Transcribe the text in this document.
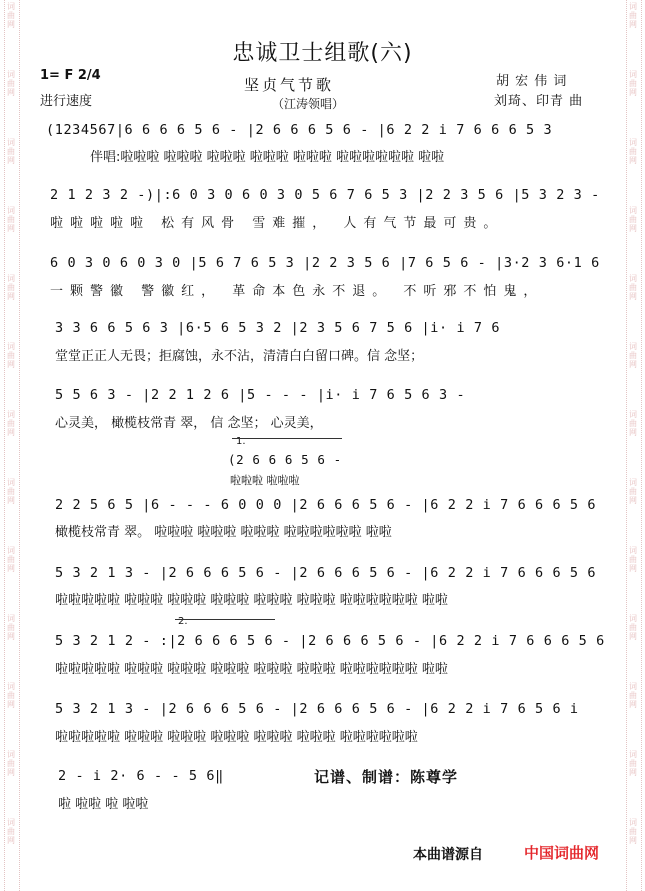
词曲网
词曲网
词曲网
词曲网
词曲网
词曲网
词曲网
词曲网
词曲网
词曲网
词曲网
词曲网
词曲网
词曲网
词曲网
词曲网
词曲网
词曲网
词曲网
词曲网
词曲网
词曲网
词曲网
词曲网
词曲网
词曲网
忠诚卫士组歌(六)
坚贞气节歌
（江涛领唱）
1= F 2/4
进行速度
胡 宏 伟 词
刘琦、印青 曲
(1234567|6 6 6 6 5 6 - |2 6 6 6 5 6 - |6 2 2 i 7 6 6 6 5 3
伴唱:啦啦啦 啦啦啦 啦啦啦 啦啦啦 啦啦啦 啦啦啦啦啦啦 啦啦
2 1 2 3 2 -)|:6 0 3 0 6 0 3 0 5 6 7 6 5 3 |2 2 3 5 6 |5 3 2 3 -
啦啦啦啦啦 松有风骨 雪难摧， 人有气节最可贵。
6 0 3 0 6 0 3 0 |5 6 7 6 5 3 |2 2 3 5 6 |7 6 5 6 - |3·2 3 6·1 6
一颗警徽 警徽红， 革命本色永不退。 不听邪不怕鬼，
3 3 6 6 5 6 3 |6·5 6 5 3 2 |2 3 5 6 7 5 6 |i· i 7 6
堂堂正正人无畏；拒腐蚀，永不沾，清清白白留口碑。信 念坚；
5 5 6 3 - |2 2 1 2 6 |5 - - - |i· i 7 6 5 6 3 -
心灵美， 橄榄枝常青 翠， 信 念坚； 心灵美，
1.
(2 6 6 6 5 6 -
啦啦啦 啦啦啦
2 2 5 6 5 |6 - - - 6 0 0 0 |2 6 6 6 5 6 - |6 2 2 i 7 6 6 6 5 6
橄榄枝常青 翠。 啦啦啦 啦啦啦 啦啦啦 啦啦啦啦啦啦 啦啦
5 3 2 1 3 - |2 6 6 6 5 6 - |2 6 6 6 5 6 - |6 2 2 i 7 6 6 6 5 6
啦啦啦啦啦 啦啦啦 啦啦啦 啦啦啦 啦啦啦 啦啦啦 啦啦啦啦啦啦 啦啦
2.
5 3 2 1 2 - :|2 6 6 6 5 6 - |2 6 6 6 5 6 - |6 2 2 i 7 6 6 6 5 6
啦啦啦啦啦 啦啦啦 啦啦啦 啦啦啦 啦啦啦 啦啦啦 啦啦啦啦啦啦 啦啦
5 3 2 1 3 - |2 6 6 6 5 6 - |2 6 6 6 5 6 - |6 2 2 i 7 6 5 6 i
啦啦啦啦啦 啦啦啦 啦啦啦 啦啦啦 啦啦啦 啦啦啦 啦啦啦啦啦啦
2 - i 2· 6 - - 5 6‖
啦 啦啦 啦 啦啦
记谱、制谱：陈尊学
本曲谱源自	中国词曲网
